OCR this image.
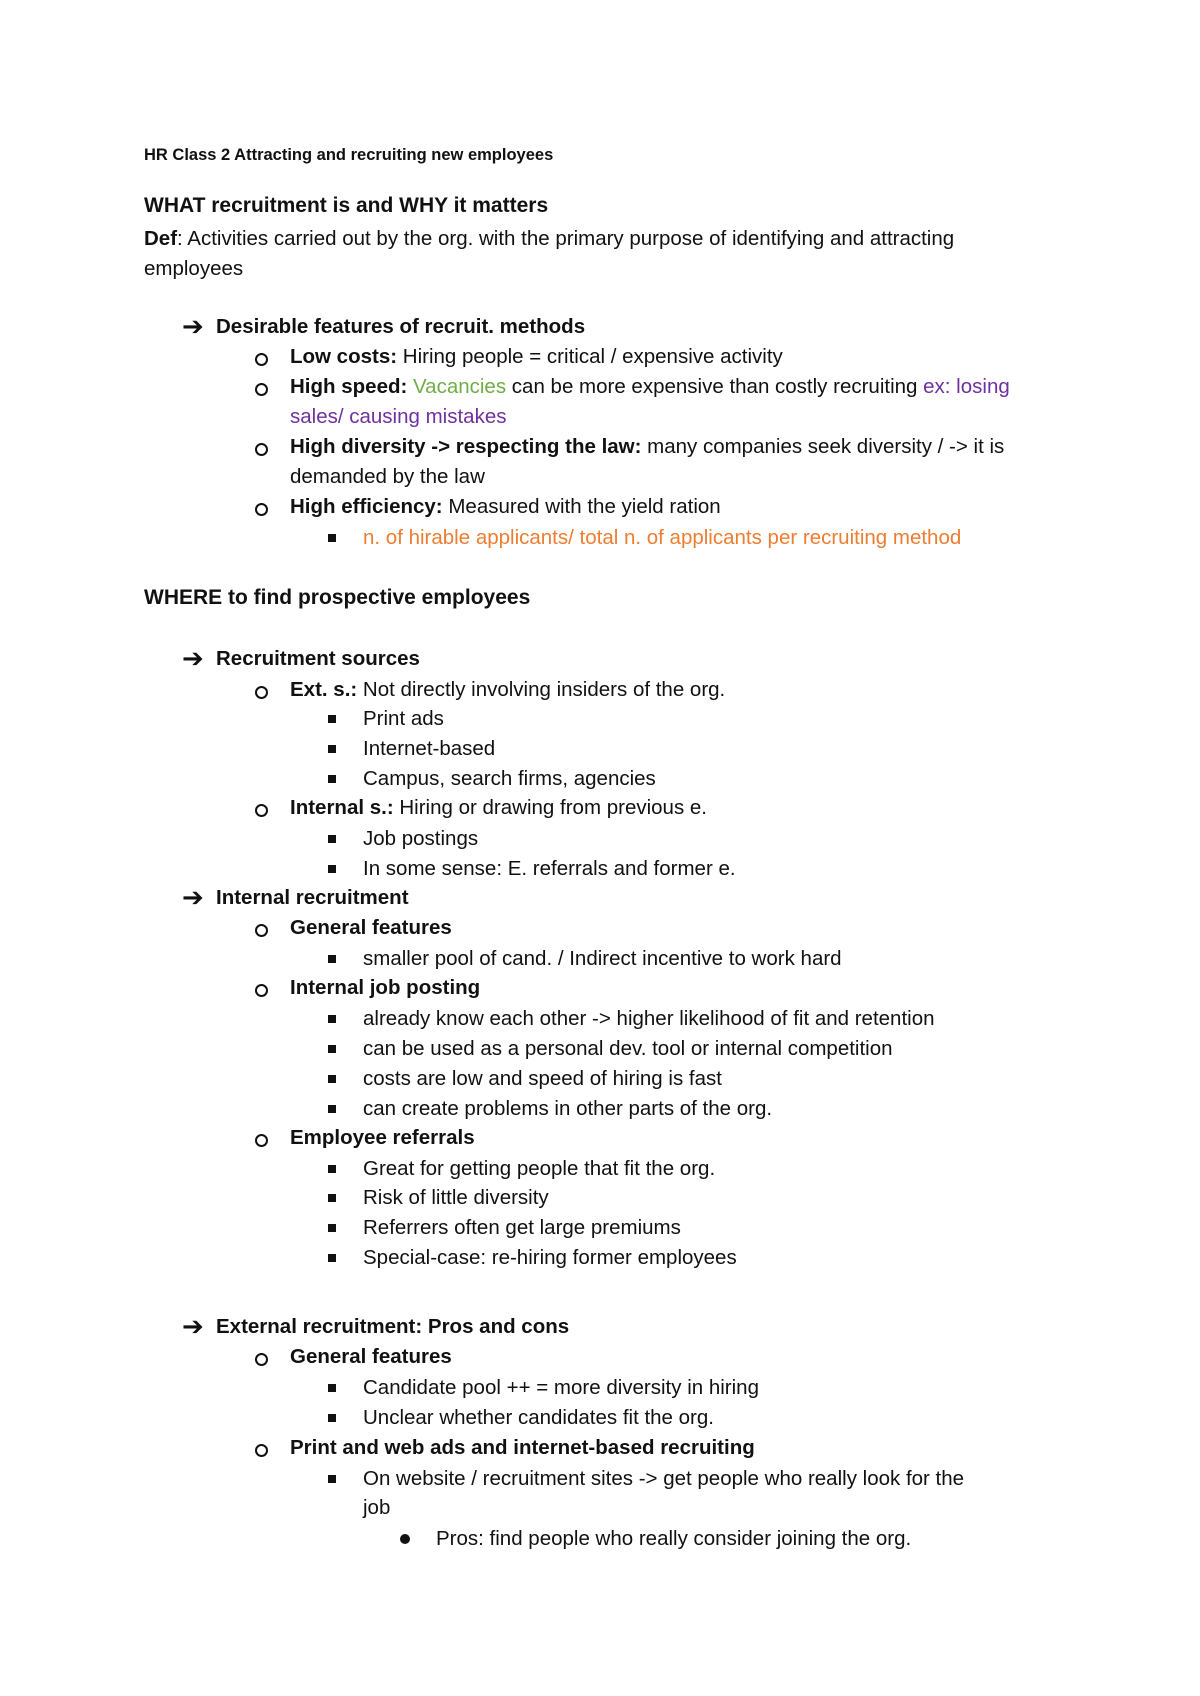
HR Class 2 Attracting and recruiting new employees
WHAT recruitment is and WHY it matters
Def: Activities carried out by the org. with the primary purpose of identifying and attracting
employees
➔ Desirable features of recruit. methods
Low costs: Hiring people = critical / expensive activity
High speed: Vacancies can be more expensive than costly recruiting ex: losing
sales/ causing mistakes
High diversity -> respecting the law: many companies seek diversity / -> it is
demanded by the law
High efficiency: Measured with the yield ration
n. of hirable applicants/ total n. of applicants per recruiting method
WHERE to find prospective employees
➔ Recruitment sources
Ext. s.: Not directly involving insiders of the org.
Print ads
Internet-based
Campus, search firms, agencies
Internal s.: Hiring or drawing from previous e.
Job postings
In some sense: E. referrals and former e.
➔ Internal recruitment
General features
smaller pool of cand. / Indirect incentive to work hard
Internal job posting
already know each other -> higher likelihood of fit and retention
can be used as a personal dev. tool or internal competition
costs are low and speed of hiring is fast
can create problems in other parts of the org.
Employee referrals
Great for getting people that fit the org.
Risk of little diversity
Referrers often get large premiums
Special-case: re-hiring former employees
➔ External recruitment: Pros and cons
General features
Candidate pool ++ = more diversity in hiring
Unclear whether candidates fit the org.
Print and web ads and internet-based recruiting
On website / recruitment sites -> get people who really look for the
job
Pros: find people who really consider joining the org.
